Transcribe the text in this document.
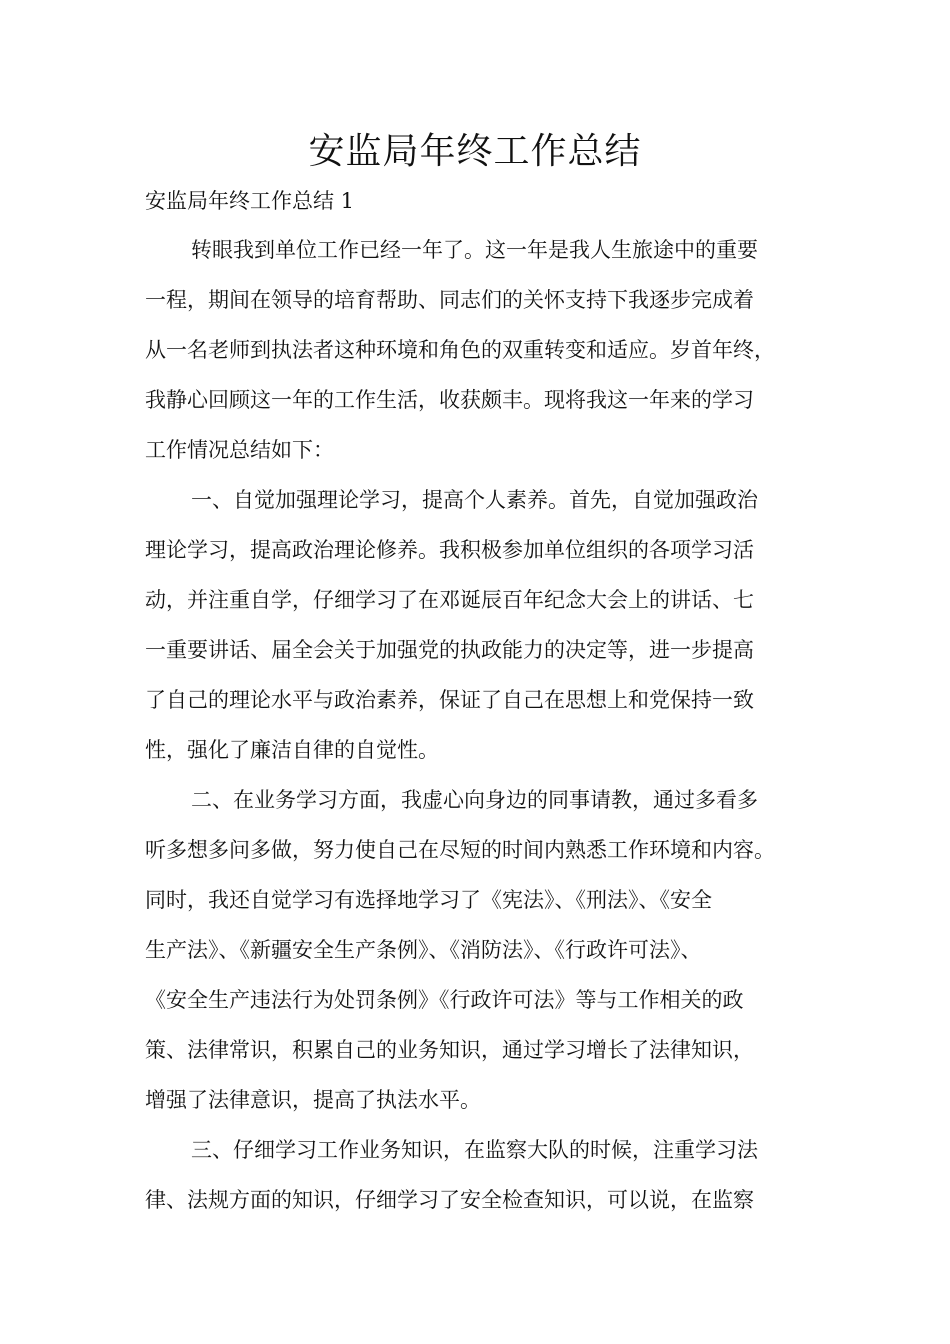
安监局年终工作总结

安监局年终工作总结 1

转眼我到单位工作已经一年了。这一年是我人生旅途中的重要

一程，期间在领导的培育帮助、同志们的关怀支持下我逐步完成着

从一名老师到执法者这种环境和角色的双重转变和适应。岁首年终，

我静心回顾这一年的工作生活，收获颇丰。现将我这一年来的学习

工作情况总结如下：

一、自觉加强理论学习，提高个人素养。首先，自觉加强政治

理论学习，提高政治理论修养。我积极参加单位组织的各项学习活

动，并注重自学，仔细学习了在邓诞辰百年纪念大会上的讲话、七

一重要讲话、届全会关于加强党的执政能力的决定等，进一步提高

了自己的理论水平与政治素养，保证了自己在思想上和党保持一致

性，强化了廉洁自律的自觉性。

二、在业务学习方面，我虚心向身边的同事请教，通过多看多

听多想多问多做，努力使自己在尽短的时间内熟悉工作环境和内容。

同时，我还自觉学习有选择地学习了《宪法》、《刑法》、《安全

生产法》、《新疆安全生产条例》、《消防法》、《行政许可法》、

《安全生产违法行为处罚条例》《行政许可法》等与工作相关的政

策、法律常识，积累自己的业务知识，通过学习增长了法律知识，

增强了法律意识，提高了执法水平。

三、仔细学习工作业务知识，在监察大队的时候，注重学习法

律、法规方面的知识，仔细学习了安全检查知识，可以说，在监察
